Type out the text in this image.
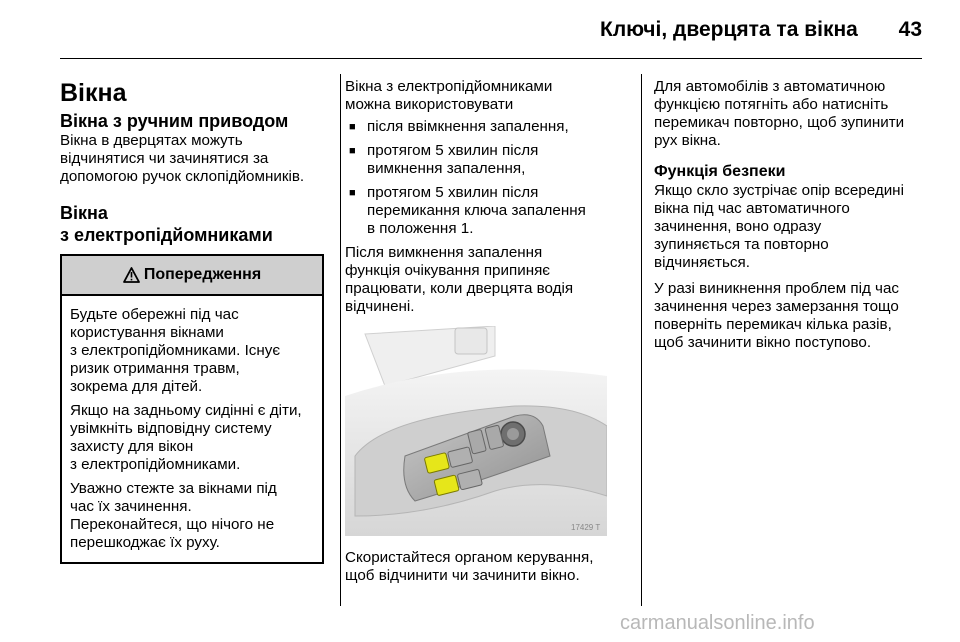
Ключі, дверцята та вікна 43
Вікна
Вікна з ручним приводом

Вікна в дверцятах можуть
відчинятися чи зачинятися за
допомогою ручок склопідйомників.

Вікна
з електропідйомниками
Попередження

Будьте обережні під час
користування вікнами
з електропідйомниками. Існує
ризик отримання травм,
зокрема для дітей.

Якщо на задньому сидінні є діти,
увімкніть відповідну систему
захисту для вікон
з електропідйомниками.

Уважно стежте за вікнами під
час їх зачинення.
Переконайтеся, що нічого не
перешкоджає їх руху.

Вікна з електропідйомниками
можна використовувати

■ після ввімкнення запалення,
■ протягом 5 хвилин після
вимкнення запалення,
■ протягом 5 хвилин після
перемикання ключа запалення
в положення 1.

Після вимкнення запалення
функція очікування припиняє
працювати, коли дверцята водія
відчинені.

17429 T

Скористайтеся органом керування,
щоб відчинити чи зачинити вікно.

Для автомобілів з автоматичною
функцією потягніть або натисніть
перемикач повторно, щоб зупинити
рух вікна.

Функція безпеки

Якщо скло зустрічає опір всередині
вікна під час автоматичного
зачинення, воно одразу
зупиняється та повторно
відчиняється.

У разі виникнення проблем під час
зачинення через замерзання тощо
поверніть перемикач кілька разів,
щоб зачинити вікно поступово.

carmanualsonline.info
